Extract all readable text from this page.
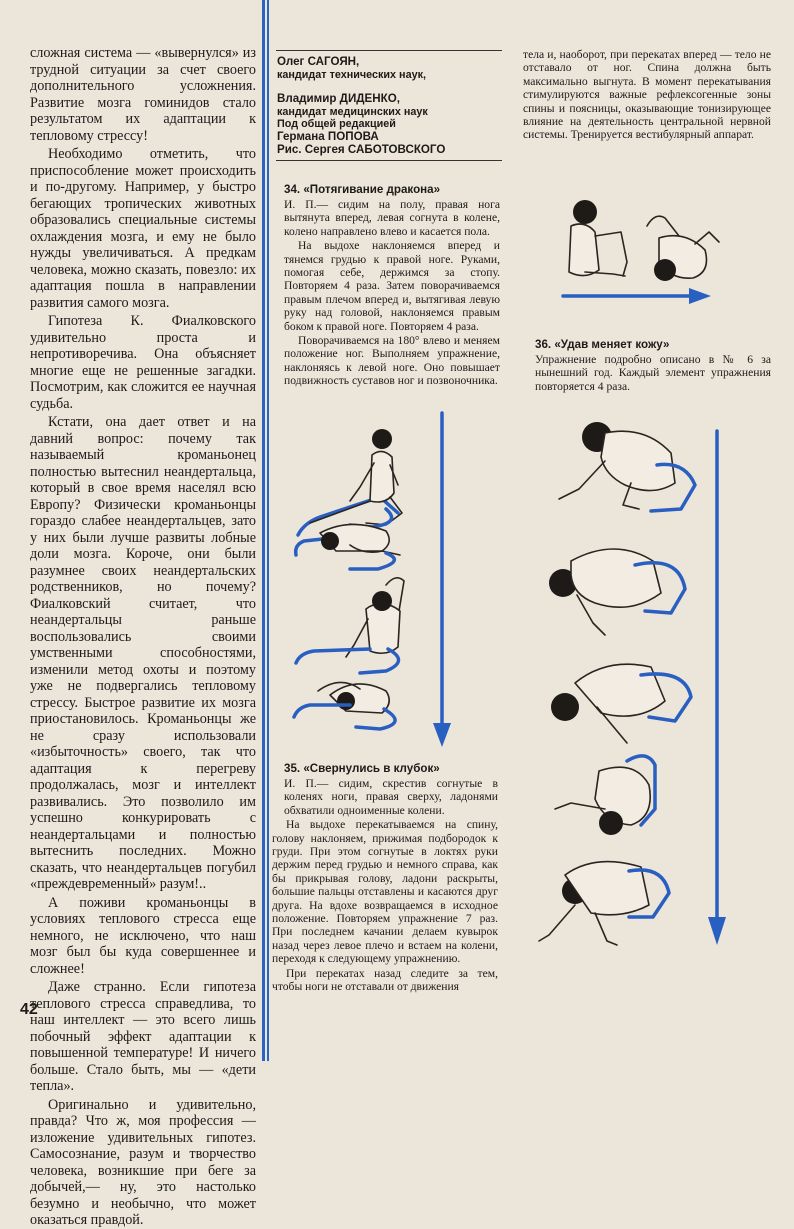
сложная система — «вывернулся» из трудной ситуации за счет своего дополнительного усложнения. Развитие мозга гоминидов стало результатом их адаптации к тепловому стрессу!

Необходимо отметить, что приспособление может происходить и по-другому. Например, у быстро бегающих тропических животных образовались специальные системы охлаждения мозга, и ему не было нужды увеличиваться. А предкам человека, можно сказать, повезло: их адаптация пошла в направлении развития самого мозга.

Гипотеза К. Фиалковского удивительно проста и непротиворечива. Она объясняет многие еще не решенные загадки. Посмотрим, как сложится ее научная судьба.

Кстати, она дает ответ и на давний вопрос: почему так называемый кроманьонец полностью вытеснил неандертальца, который в свое время населял всю Европу? Физически кроманьонцы гораздо слабее неандертальцев, зато у них были лучше развиты лобные доли мозга. Короче, они были разумнее своих неандертальских родственников, но почему? Фиалковский считает, что неандертальцы раньше воспользовались своими умственными способностями, изменили метод охоты и поэтому уже не подвергались тепловому стрессу. Быстрое развитие их мозга приостановилось. Кроманьонцы же не сразу использовали «избыточность» своего, так что адаптация к перегреву продолжалась, мозг и интеллект развивались. Это позволило им успешно конкурировать с неандертальцами и полностью вытеснить последних. Можно сказать, что неандертальцев погубил «преждевременный» разум!..

А поживи кроманьонцы в условиях теплового стресса еще немного, не исключено, что наш мозг был бы куда совершеннее и сложнее!

Даже странно. Если гипотеза теплового стресса справедлива, то наш интеллект — это всего лишь побочный эффект адаптации к повышенной температуре! И ничего больше. Стало быть, мы — «дети тепла».

Оригинально и удивительно, правда? Что ж, моя профессия — изложение удивительных гипотез. Самосознание, разум и творчество человека, возникшие при беге за добычей,— ну, это настолько безумно и необычно, что может оказаться правдой.

42

Олег САГОЯН,

кандидат технических наук,

Владимир ДИДЕНКО,

кандидат медицинских наук

Под общей редакцией

Германа ПОПОВА

Рис. Сергея САБОТОВСКОГО

34. «Потягивание дракона»

И. П.— сидим на полу, правая нога вытянута вперед, левая согнута в колене, колено направлено влево и касается пола.

На выдохе наклоняемся вперед и тянемся грудью к правой ноге. Руками, помогая себе, держимся за стопу. Повторяем 4 раза. Затем поворачиваемся правым плечом вперед и, вытягивая левую руку над головой, наклоняемся правым боком к правой ноге. Повторяем 4 раза.

Поворачиваемся на 180° влево и меняем положение ног. Выполняем упражнение, наклоняясь к левой ноге. Оно повышает подвижность суставов ног и позвоночника.

35. «Свернулись в клубок»

И. П.— сидим, скрестив согнутые в коленях ноги, правая сверху, ладонями обхватили одноименные колени.

На выдохе перекатываемся на спину, голову наклоняем, прижимая подбородок к груди. При этом согнутые в локтях руки держим перед грудью и немного справа, как бы прикрывая голову, ладони раскрыты, большие пальцы отставлены и касаются друг друга. На вдохе возвращаемся в исходное положение. Повторяем упражнение 7 раз. При последнем качании делаем кувырок назад через левое плечо и встаем на колени, переходя к следующему упражнению.

При перекатах назад следите за тем, чтобы ноги не отставали от движения

тела и, наоборот, при перекатах вперед — тело не отставало от ног. Спина должна быть максимально выгнута. В момент перекатывания стимулируются важные рефлексогенные зоны спины и поясницы, оказывающие тонизирующее влияние на деятельность центральной нервной системы. Тренируется вестибулярный аппарат.

36. «Удав меняет кожу»

Упражнение подробно описано в № 6 за нынешний год. Каждый элемент упражнения повторяется 4 раза.
